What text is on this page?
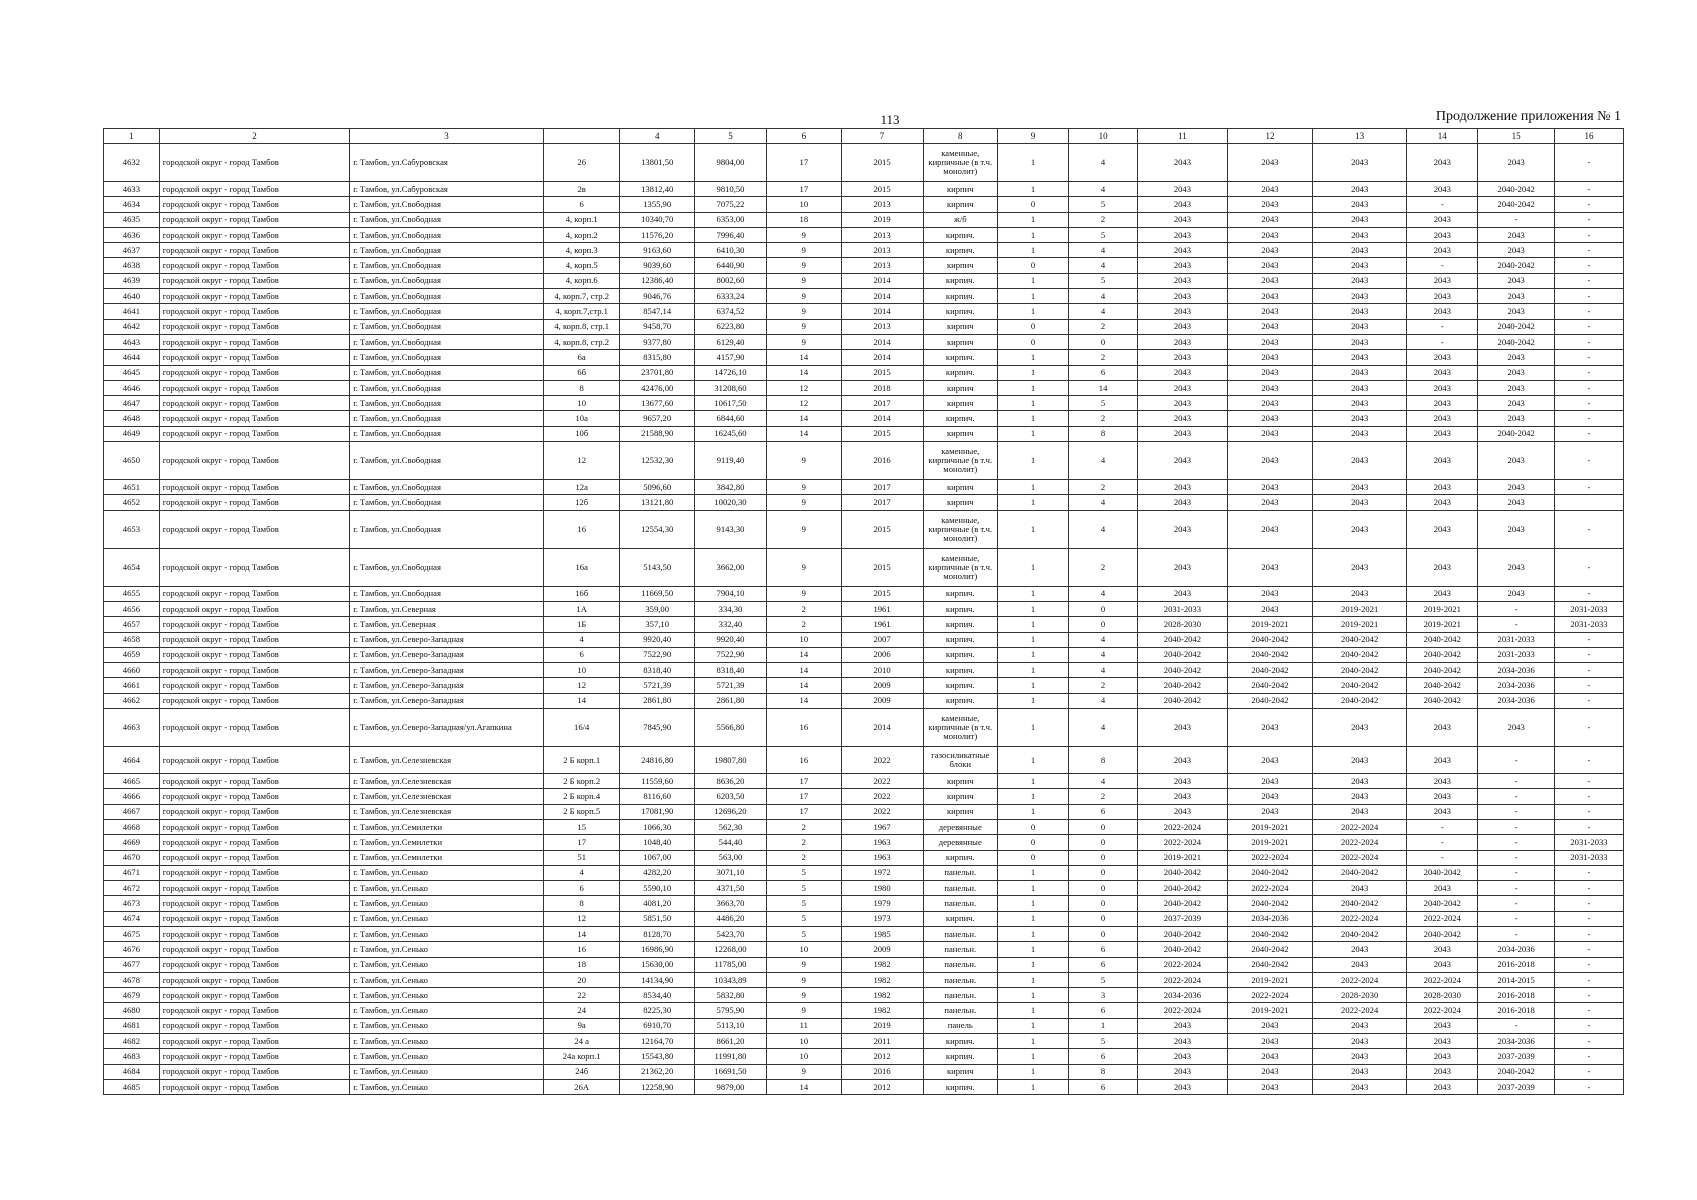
113	Продолжение приложения № 1
1	2	3		4	5	6	7	8	9	10	11	12	13	14	15	16
4632	городской округ - город Тамбов	г. Тамбов, ул.Сабуровская	26	13801,50	9804,00	17	2015	каменные, кирпичные (в т.ч. монолит)	1	4	2043	2043	2043	2043	2043	-
4633	городской округ - город Тамбов	г. Тамбов, ул.Сабуровская	2в	13812,40	9810,50	17	2015	кирпич	1	4	2043	2043	2043	2043	2040-2042	-
4634	городской округ - город Тамбов	г. Тамбов, ул.Свободная	6	1355,90	7075,22	10	2013	кирпич	0	5	2043	2043	2043	-	2040-2042	-
4635	городской округ - город Тамбов	г. Тамбов, ул.Свободная	4, корп.1	10340,70	6353,00	18	2019	ж/б	1	2	2043	2043	2043	2043	-	-
4636	городской округ - город Тамбов	г. Тамбов, ул.Свободная	4, корп.2	11576,20	7996,40	9	2013	кирпич.	1	5	2043	2043	2043	2043	2043	-
4637	городской округ - город Тамбов	г. Тамбов, ул.Свободная	4, корп.3	9163,60	6410,30	9	2013	кирпич.	1	4	2043	2043	2043	2043	2043	-
4638	городской округ - город Тамбов	г. Тамбов, ул.Свободная	4, корп.5	9039,60	6440,90	9	2013	кирпич	0	4	2043	2043	2043	-	2040-2042	-
4639	городской округ - город Тамбов	г. Тамбов, ул.Свободная	4, корп.6	12386,40	8002,60	9	2014	кирпич.	1	5	2043	2043	2043	2043	2043	-
4640	городской округ - город Тамбов	г. Тамбов, ул.Свободная	4, корп.7, стр.2	9046,76	6333,24	9	2014	кирпич.	1	4	2043	2043	2043	2043	2043	-
4641	городской округ - город Тамбов	г. Тамбов, ул.Свободная	4, корп.7,стр.1	8547,14	6374,52	9	2014	кирпич.	1	4	2043	2043	2043	2043	2043	-
4642	городской округ - город Тамбов	г. Тамбов, ул.Свободная	4, корп.8, стр.1	9458,70	6223,80	9	2013	кирпич	0	2	2043	2043	2043	-	2040-2042	-
4643	городской округ - город Тамбов	г. Тамбов, ул.Свободная	4, корп.8, стр.2	9377,80	6129,40	9	2014	кирпич	0	0	2043	2043	2043	-	2040-2042	-
4644	городской округ - город Тамбов	г. Тамбов, ул.Свободная	6а	8315,80	4157,90	14	2014	кирпич.	1	2	2043	2043	2043	2043	2043	-
4645	городской округ - город Тамбов	г. Тамбов, ул.Свободная	6б	23701,80	14726,10	14	2015	кирпич.	1	6	2043	2043	2043	2043	2043	-
4646	городской округ - город Тамбов	г. Тамбов, ул.Свободная	8	42476,00	31208,60	12	2018	кирпич	1	14	2043	2043	2043	2043	2043	-
4647	городской округ - город Тамбов	г. Тамбов, ул.Свободная	10	13677,60	10617,50	12	2017	кирпич	1	5	2043	2043	2043	2043	2043	-
4648	городской округ - город Тамбов	г. Тамбов, ул.Свободная	10а	9657,20	6844,60	14	2014	кирпич.	1	2	2043	2043	2043	2043	2043	-
4649	городской округ - город Тамбов	г. Тамбов, ул.Свободная	10б	21588,90	16245,60	14	2015	кирпич	1	8	2043	2043	2043	2043	2040-2042	-
4650	городской округ - город Тамбов	г. Тамбов, ул.Свободная	12	12532,30	9119,40	9	2016	каменные, кирпичные (в т.ч. монолит)	1	4	2043	2043	2043	2043	2043	-
4651	городской округ - город Тамбов	г. Тамбов, ул.Свободная	12а	5096,60	3842,80	9	2017	кирпич	1	2	2043	2043	2043	2043	2043	-
4652	городской округ - город Тамбов	г. Тамбов, ул.Свободная	12б	13121,80	10020,30	9	2017	кирпич	1	4	2043	2043	2043	2043	2043	
4653	городской округ - город Тамбов	г. Тамбов, ул.Свободная	16	12554,30	9143,30	9	2015	каменные, кирпичные (в т.ч. монолит)	1	4	2043	2043	2043	2043	2043	-
4654	городской округ - город Тамбов	г. Тамбов, ул.Свободная	16а	5143,50	3662,00	9	2015	каменные, кирпичные (в т.ч. монолит)	1	2	2043	2043	2043	2043	2043	-
4655	городской округ - город Тамбов	г. Тамбов, ул.Свободная	16б	11669,50	7904,10	9	2015	кирпич.	1	4	2043	2043	2043	2043	2043	-
4656	городской округ - город Тамбов	г. Тамбов, ул.Северная	1А	359,00	334,30	2	1961	кирпич.	1	0	2031-2033	2043	2019-2021	2019-2021	-	2031-2033
4657	городской округ - город Тамбов	г. Тамбов, ул.Северная	1Б	357,10	332,40	2	1961	кирпич.	1	0	2028-2030	2019-2021	2019-2021	2019-2021	-	2031-2033
4658	городской округ - город Тамбов	г. Тамбов, ул.Северо-Западная	4	9920,40	9920,40	10	2007	кирпич.	1	4	2040-2042	2040-2042	2040-2042	2040-2042	2031-2033	-
4659	городской округ - город Тамбов	г. Тамбов, ул.Северо-Западная	6	7522,90	7522,90	14	2006	кирпич.	1	4	2040-2042	2040-2042	2040-2042	2040-2042	2031-2033	-
4660	городской округ - город Тамбов	г. Тамбов, ул.Северо-Западная	10	8318,40	8318,40	14	2010	кирпич.	1	4	2040-2042	2040-2042	2040-2042	2040-2042	2034-2036	-
4661	городской округ - город Тамбов	г. Тамбов, ул.Северо-Западная	12	5721,39	5721,39	14	2009	кирпич.	1	2	2040-2042	2040-2042	2040-2042	2040-2042	2034-2036	-
4662	городской округ - город Тамбов	г. Тамбов, ул.Северо-Западная	14	2861,80	2861,80	14	2009	кирпич.	1	4	2040-2042	2040-2042	2040-2042	2040-2042	2034-2036	-
4663	городской округ - город Тамбов	г. Тамбов, ул.Северо-Западная/ул.Агапкина	16/4	7845,90	5566,80	16	2014	каменные, кирпичные (в т.ч. монолит)	1	4	2043	2043	2043	2043	2043	-
4664	городской округ - город Тамбов	г. Тамбов, ул.Селезневская	2 Б корп.1	24816,80	19807,80	16	2022	газосиликатные блоки	1	8	2043	2043	2043	2043	-	-
4665	городской округ - город Тамбов	г. Тамбов, ул.Селезневская	2 Б корп.2	11559,60	8636,20	17	2022	кирпич	1	4	2043	2043	2043	2043	-	-
4666	городской округ - город Тамбов	г. Тамбов, ул.Селезневская	2 Б корп.4	8116,60	6203,50	17	2022	кирпич	1	2	2043	2043	2043	2043	-	-
4667	городской округ - город Тамбов	г. Тамбов, ул.Селезневская	2 Б корп.5	17081,90	12696,20	17	2022	кирпич	1	6	2043	2043	2043	2043	-	-
4668	городской округ - город Тамбов	г. Тамбов, ул.Семилетки	15	1066,30	562,30	2	1967	деревянные	0	0	2022-2024	2019-2021	2022-2024	-	-	-
4669	городской округ - город Тамбов	г. Тамбов, ул.Семилетки	17	1048,40	544,40	2	1963	деревянные	0	0	2022-2024	2019-2021	2022-2024	-	-	2031-2033
4670	городской округ - город Тамбов	г. Тамбов, ул.Семилетки	51	1067,00	563,00	2	1963	кирпич.	0	0	2019-2021	2022-2024	2022-2024	-	-	2031-2033
4671	городской округ - город Тамбов	г. Тамбов, ул.Сенько	4	4282,20	3071,10	5	1972	панельн.	1	0	2040-2042	2040-2042	2040-2042	2040-2042	-	-
4672	городской округ - город Тамбов	г. Тамбов, ул.Сенько	6	5590,10	4371,50	5	1980	панельн.	1	0	2040-2042	2022-2024	2043	2043	-	-
4673	городской округ - город Тамбов	г. Тамбов, ул.Сенько	8	4081,20	3663,70	5	1979	панельн.	1	0	2040-2042	2040-2042	2040-2042	2040-2042	-	-
4674	городской округ - город Тамбов	г. Тамбов, ул.Сенько	12	5851,50	4486,20	5	1973	кирпич.	1	0	2037-2039	2034-2036	2022-2024	2022-2024	-	-
4675	городской округ - город Тамбов	г. Тамбов, ул.Сенько	14	8128,70	5423,70	5	1985	панельн.	1	0	2040-2042	2040-2042	2040-2042	2040-2042	-	-
4676	городской округ - город Тамбов	г. Тамбов, ул.Сенько	16	16986,90	12268,00	10	2009	панельн.	1	6	2040-2042	2040-2042	2043	2043	2034-2036	-
4677	городской округ - город Тамбов	г. Тамбов, ул.Сенько	18	15630,00	11785,00	9	1982	панельн.	1	6	2022-2024	2040-2042	2043	2043	2016-2018	-
4678	городской округ - город Тамбов	г. Тамбов, ул.Сенько	20	14134,90	10343,89	9	1982	панельн.	1	5	2022-2024	2019-2021	2022-2024	2022-2024	2014-2015	-
4679	городской округ - город Тамбов	г. Тамбов, ул.Сенько	22	8534,40	5832,80	9	1982	панельн.	1	3	2034-2036	2022-2024	2028-2030	2028-2030	2016-2018	-
4680	городской округ - город Тамбов	г. Тамбов, ул.Сенько	24	8225,30	5795,90	9	1982	панельн.	1	6	2022-2024	2019-2021	2022-2024	2022-2024	2016-2018	-
4681	городской округ - город Тамбов	г. Тамбов, ул.Сенько	9а	6910,70	5113,10	11	2019	панель	1	1	2043	2043	2043	2043	-	-
4682	городской округ - город Тамбов	г. Тамбов, ул.Сенько	24 а	12164,70	8661,20	10	2011	кирпич.	1	5	2043	2043	2043	2043	2034-2036	-
4683	городской округ - город Тамбов	г. Тамбов, ул.Сенько	24а корп.1	15543,80	11991,80	10	2012	кирпич.	1	6	2043	2043	2043	2043	2037-2039	-
4684	городской округ - город Тамбов	г. Тамбов, ул.Сенько	24б	21362,20	16691,50	9	2016	кирпич	1	8	2043	2043	2043	2043	2040-2042	-
4685	городской округ - город Тамбов	г. Тамбов, ул.Сенько	26А	12258,90	9879,00	14	2012	кирпич.	1	6	2043	2043	2043	2043	2037-2039	-
